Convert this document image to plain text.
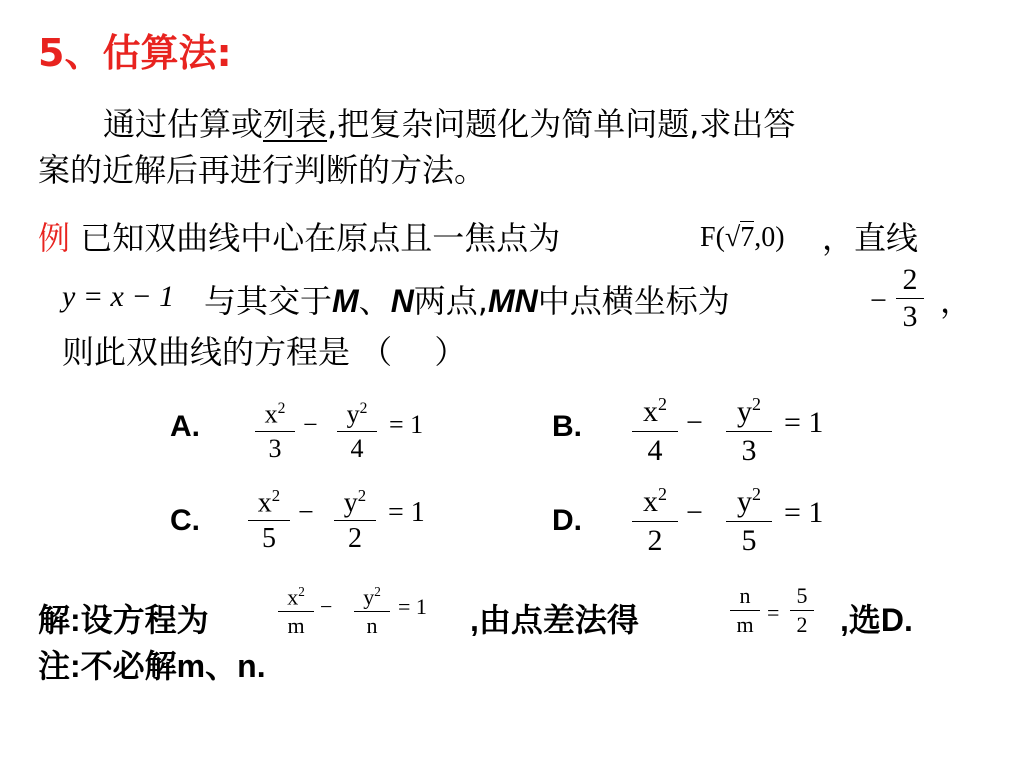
5、估算法:
通过估算或列表,把复杂问题化为简单问题,求出答
案的近解后再进行判断的方法。
例 已知双曲线中心在原点且一焦点为	F(√7,0) ，直线
y = x − 1 与其交于M、N两点,MN中点横坐标为	−
2
3 ，
则此双曲线的方程是 （　 ）
A.	$x^2$
3
−	$y^2$
4
= 1	B.	$x^2$
4
−	$y^2$
3
= 1
C.
$x^2$
5
−	$y^2$
2
= 1	D.
$x^2$
2
−	$y^2$
5
= 1
解:设方程为
$x^2$
m
−	$y^2$
n
= 1 ,由点差法得
n
m =
5
2 ,选D.
注:不必解m、n.
